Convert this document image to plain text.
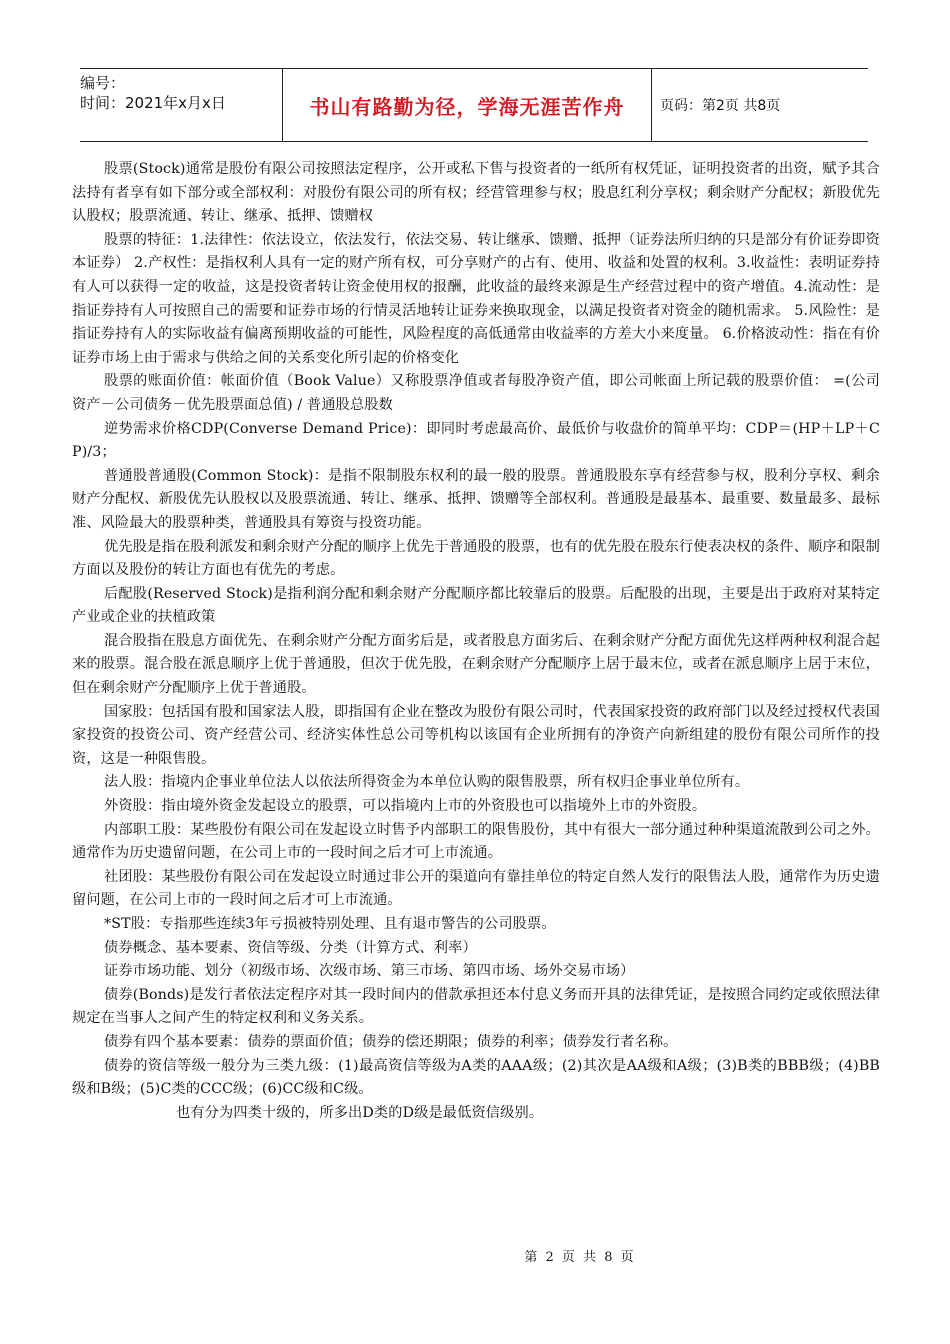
编号：
时间：2021年x月x日	书山有路勤为径，学海无涯苦作舟	页码：第2页 共8页

股票(Stock)通常是股份有限公司按照法定程序，公开或私下售与投资者的一纸所有权凭证，证明投资者的出资，赋予其合法持有者享有如下部分或全部权利：对股份有限公司的所有权；经营管理参与权；股息红利分享权；剩余财产分配权；新股优先认股权；股票流通、转让、继承、抵押、馈赠权

股票的特征：1.法律性：依法设立，依法发行，依法交易、转让继承、馈赠、抵押（证券法所归纳的只是部分有价证券即资本证券） 2.产权性：是指权利人具有一定的财产所有权，可分享财产的占有、使用、收益和处置的权利。3.收益性：表明证券持有人可以获得一定的收益，这是投资者转让资金使用权的报酬，此收益的最终来源是生产经营过程中的资产增值。4.流动性：是指证券持有人可按照自己的需要和证券市场的行情灵活地转让证券来换取现金，以满足投资者对资金的随机需求。 5.风险性：是指证券持有人的实际收益有偏离预期收益的可能性，风险程度的高低通常由收益率的方差大小来度量。 6.价格波动性：指在有价证券市场上由于需求与供给之间的关系变化所引起的价格变化

股票的账面价值：帐面价值（Book Value）又称股票净值或者每股净资产值，即公司帐面上所记载的股票价值： =(公司资产－公司债务－优先股票面总值) / 普通股总股数

逆势需求价格CDP(Converse Demand Price)：即同时考虑最高价、最低价与收盘价的简单平均：CDP＝(HP＋LP＋CP)/3；

普通股普通股(Common Stock)：是指不限制股东权利的最一般的股票。普通股股东享有经营参与权，股利分享权、剩余财产分配权、新股优先认股权以及股票流通、转让、继承、抵押、馈赠等全部权利。普通股是最基本、最重要、数量最多、最标准、风险最大的股票种类，普通股具有筹资与投资功能。

优先股是指在股利派发和剩余财产分配的顺序上优先于普通股的股票，也有的优先股在股东行使表决权的条件、顺序和限制方面以及股份的转让方面也有优先的考虑。

后配股(Reserved Stock)是指利润分配和剩余财产分配顺序都比较靠后的股票。后配股的出现，主要是出于政府对某特定产业或企业的扶植政策

混合股指在股息方面优先、在剩余财产分配方面劣后是，或者股息方面劣后、在剩余财产分配方面优先这样两种权利混合起来的股票。混合股在派息顺序上优于普通股，但次于优先股，在剩余财产分配顺序上居于最末位，或者在派息顺序上居于末位，但在剩余财产分配顺序上优于普通股。

国家股：包括国有股和国家法人股，即指国有企业在整改为股份有限公司时，代表国家投资的政府部门以及经过授权代表国家投资的投资公司、资产经营公司、经济实体性总公司等机构以该国有企业所拥有的净资产向新组建的股份有限公司所作的投资，这是一种限售股。

法人股：指境内企事业单位法人以依法所得资金为本单位认购的限售股票，所有权归企事业单位所有。

外资股：指由境外资金发起设立的股票，可以指境内上市的外资股也可以指境外上市的外资股。

内部职工股：某些股份有限公司在发起设立时售予内部职工的限售股份，其中有很大一部分通过种种渠道流散到公司之外。通常作为历史遗留问题，在公司上市的一段时间之后才可上市流通。

社团股：某些股份有限公司在发起设立时通过非公开的渠道向有靠挂单位的特定自然人发行的限售法人股，通常作为历史遗留问题，在公司上市的一段时间之后才可上市流通。

*ST股：专指那些连续3年亏损被特别处理、且有退市警告的公司股票。

债券概念、基本要素、资信等级、分类（计算方式、利率）

证券市场功能、划分（初级市场、次级市场、第三市场、第四市场、场外交易市场）

债券(Bonds)是发行者依法定程序对其一段时间内的借款承担还本付息义务而开具的法律凭证，是按照合同约定或依照法律规定在当事人之间产生的特定权利和义务关系。

债券有四个基本要素：债券的票面价值；债券的偿还期限；债券的利率；债券发行者名称。

债券的资信等级一般分为三类九级：(1)最高资信等级为A类的AAA级；(2)其次是AA级和A级；(3)B类的BBB级；(4)BB级和B级；(5)C类的CCC级；(6)CC级和C级。

也有分为四类十级的，所多出D类的D级是最低资信级别。

第 2 页 共 8 页
